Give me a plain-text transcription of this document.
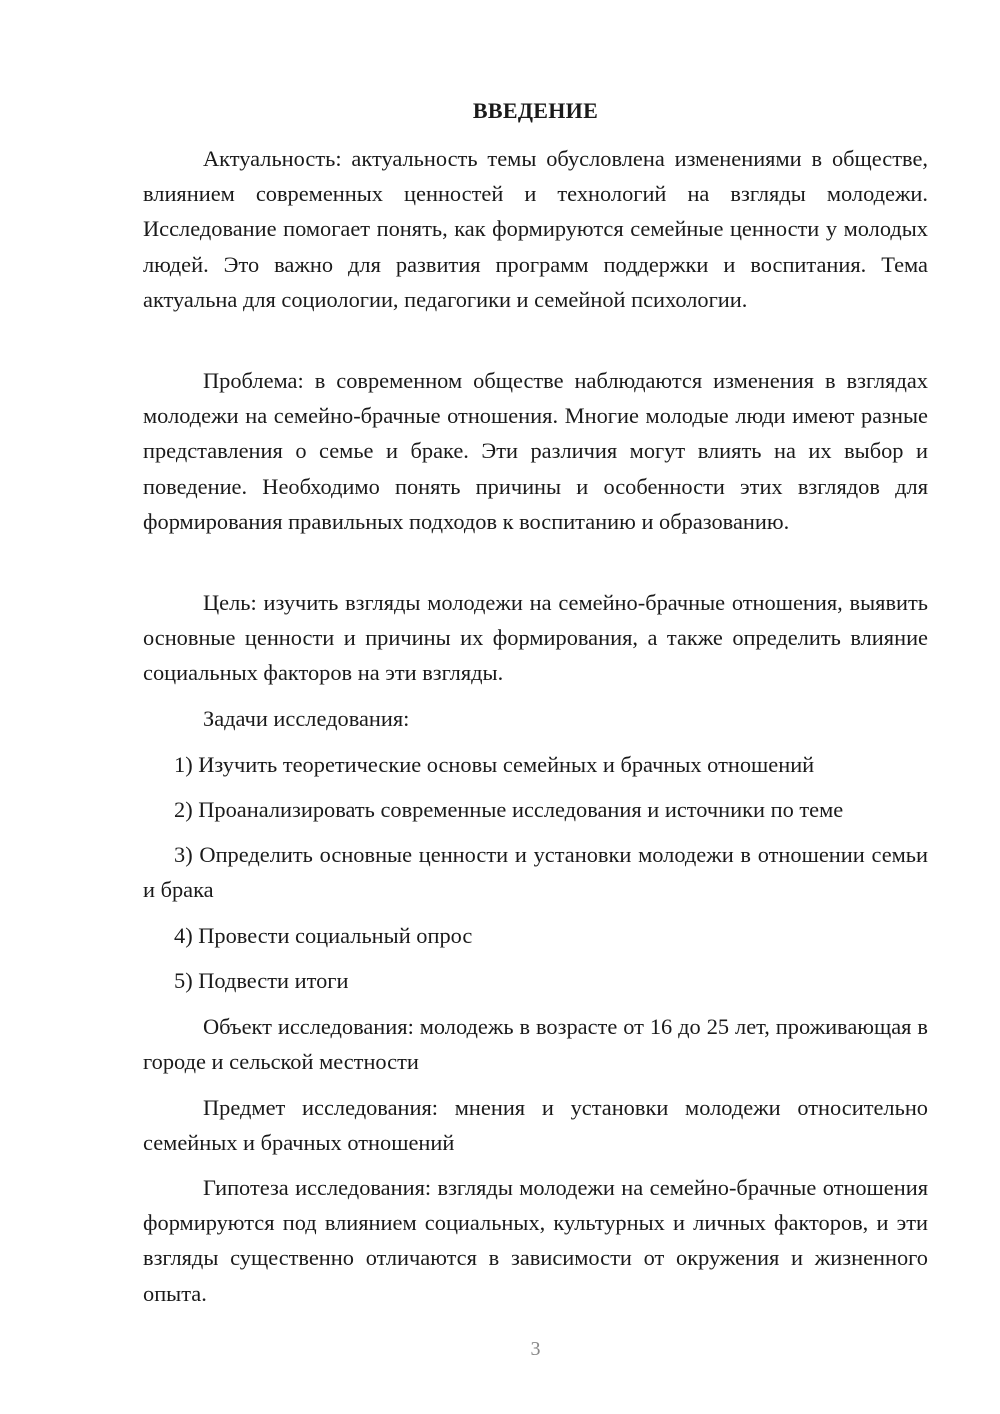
ВВЕДЕНИЕ

Актуальность: актуальность темы обусловлена изменениями в обществе, влиянием современных ценностей и технологий на взгляды молодежи. Исследование помогает понять, как формируются семейные ценности у молодых людей. Это важно для развития программ поддержки и воспитания. Тема актуальна для социологии, педагогики и семейной психологии.

Проблема: в современном обществе наблюдаются изменения в взглядах молодежи на семейно-брачные отношения. Многие молодые люди имеют разные представления о семье и браке. Эти различия могут влиять на их выбор и поведение. Необходимо понять причины и особенности этих взглядов для формирования правильных подходов к воспитанию и образованию.

Цель: изучить взгляды молодежи на семейно-брачные отношения, выявить основные ценности и причины их формирования, а также определить влияние социальных факторов на эти взгляды.

Задачи исследования:

1) Изучить теоретические основы семейных и брачных отношений

2) Проанализировать современные исследования и источники по теме

3) Определить основные ценности и установки молодежи в отношении семьи и брака

4) Провести социальный опрос

5) Подвести итоги

Объект исследования: молодежь в возрасте от 16 до 25 лет, проживающая в городе и сельской местности

Предмет исследования: мнения и установки молодежи относительно семейных и брачных отношений

Гипотеза исследования: взгляды молодежи на семейно-брачные отношения формируются под влиянием социальных, культурных и личных факторов, и эти взгляды существенно отличаются в зависимости от окружения и жизненного опыта.

3
